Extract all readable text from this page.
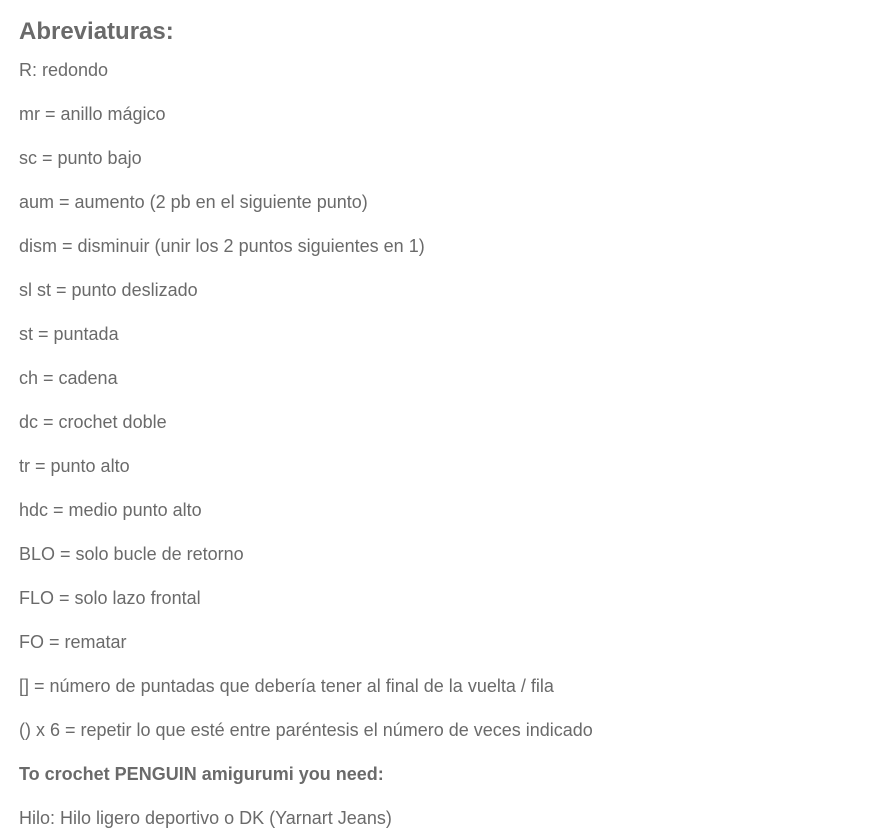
Abreviaturas:

R: redondo

mr = anillo mágico

sc = punto bajo

aum = aumento (2 pb en el siguiente punto)

dism = disminuir (unir los 2 puntos siguientes en 1)

sl st = punto deslizado

st = puntada

ch = cadena

dc = crochet doble

tr = punto alto

hdc = medio punto alto

BLO = solo bucle de retorno

FLO = solo lazo frontal

FO = rematar

[] = número de puntadas que debería tener al final de la vuelta / fila

() x 6 = repetir lo que esté entre paréntesis el número de veces indicado

To crochet PENGUIN amigurumi you need:

Hilo: Hilo ligero deportivo o DK (Yarnart Jeans)
